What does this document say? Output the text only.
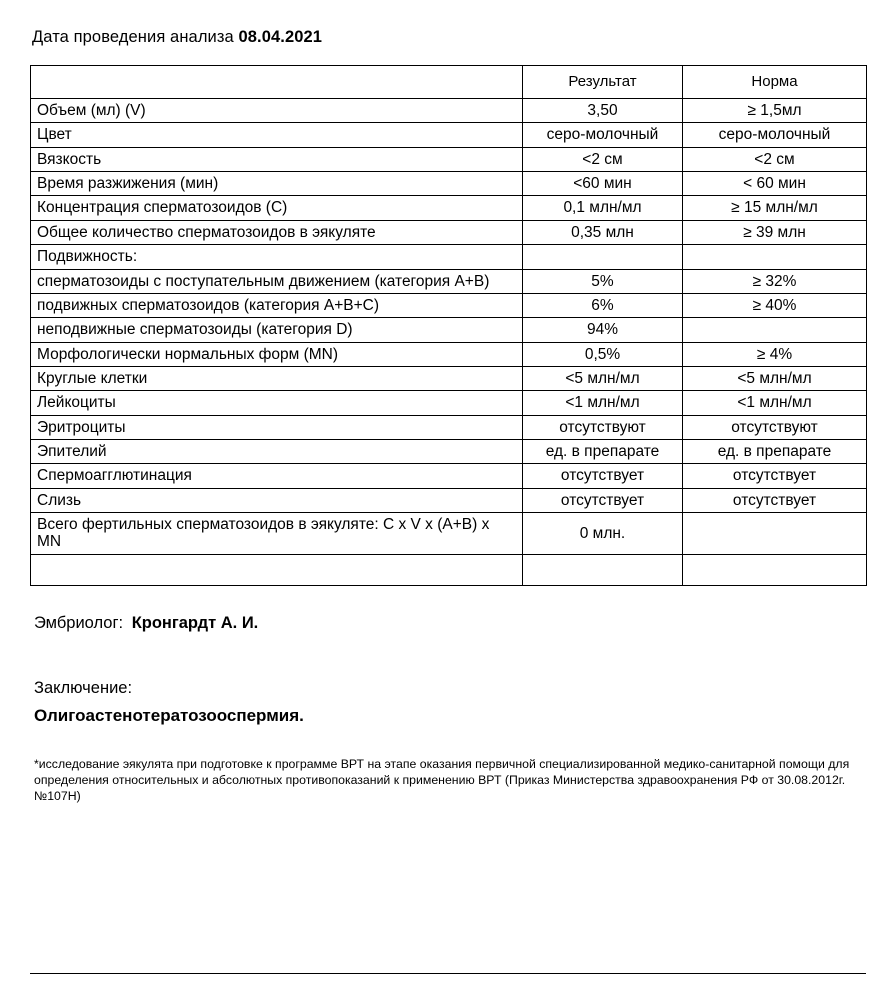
Дата проведения анализа 08.04.2021
	Результат	Норма
Объем (мл) (V)	3,50	≥ 1,5мл
Цвет	серо-молочный	серо-молочный
Вязкость	<2 см	<2 см
Время разжижения (мин)	<60 мин	< 60 мин
Концентрация сперматозоидов (C)	0,1 млн/мл	≥ 15 млн/мл
Общее количество сперматозоидов в эякуляте	0,35 млн	≥ 39 млн
Подвижность:		
сперматозоиды с поступательным движением (категория А+В)	5%	≥ 32%
подвижных сперматозоидов (категория А+В+С)	6%	≥ 40%
неподвижные сперматозоиды (категория D)	94%	
Морфологически нормальных форм (MN)	0,5%	≥ 4%
Круглые клетки	<5 млн/мл	<5 млн/мл
Лейкоциты	<1 млн/мл	<1 млн/мл
Эритроциты	отсутствуют	отсутствуют
Эпителий	ед. в препарате	ед. в препарате
Спермоагглютинация	отсутствует	отсутствует
Слизь	отсутствует	отсутствует
Всего фертильных сперматозоидов в эякуляте: C x V x (A+B) x MN	0 млн.	

Эмбриолог: Кронгардт А. И.
Заключение:
Олигоастенотератозооспермия.
*исследование эякулята при подготовке к программе ВРТ на этапе оказания первичной специализированной медико-санитарной помощи для определения относительных и абсолютных противопоказаний к применению ВРТ (Приказ Министерства здравоохранения РФ от 30.08.2012г. №107Н)
